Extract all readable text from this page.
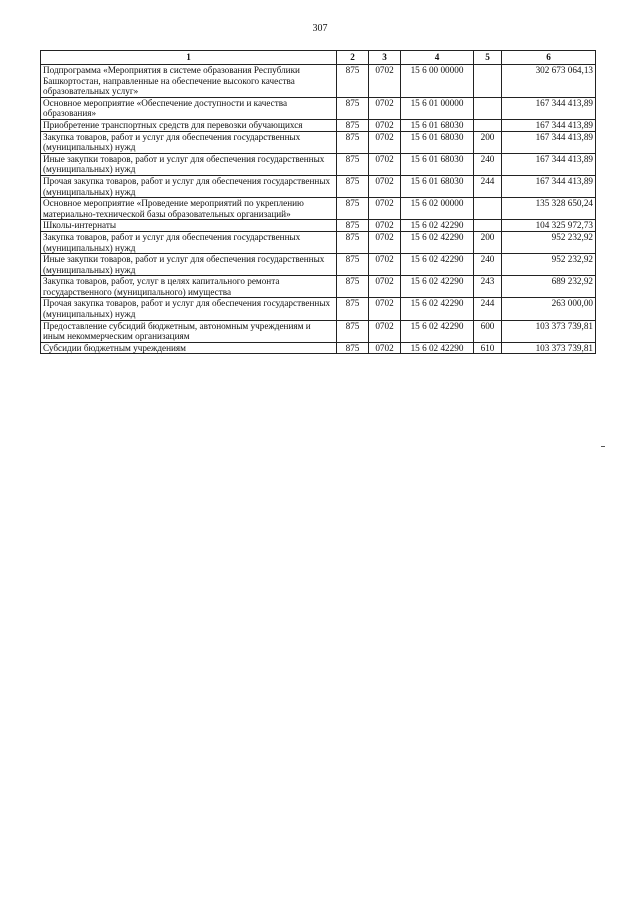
307
1	2	3	4	5	6
Подпрограмма «Мероприятия в системе образования Республики Башкортостан, направленные на обеспечение высокого качества образовательных услуг»	875	0702	15 6 00 00000		302 673 064,13
Основное мероприятие «Обеспечение доступности и качества образования»	875	0702	15 6 01 00000		167 344 413,89
Приобретение транспортных средств для перевозки обучающихся	875	0702	15 6 01 68030		167 344 413,89
Закупка товаров, работ и услуг для обеспечения государственных (муниципальных) нужд	875	0702	15 6 01 68030	200	167 344 413,89
Иные закупки товаров, работ и услуг для обеспечения государственных (муниципальных) нужд	875	0702	15 6 01 68030	240	167 344 413,89
Прочая закупка товаров, работ и услуг для обеспечения государственных (муниципальных) нужд	875	0702	15 6 01 68030	244	167 344 413,89
Основное мероприятие «Проведение мероприятий по укреплению материально-технической базы образовательных организаций»	875	0702	15 6 02 00000		135 328 650,24
Школы-интернаты	875	0702	15 6 02 42290		104 325 972,73
Закупка товаров, работ и услуг для обеспечения государственных (муниципальных) нужд	875	0702	15 6 02 42290	200	952 232,92
Иные закупки товаров, работ и услуг для обеспечения государственных (муниципальных) нужд	875	0702	15 6 02 42290	240	952 232,92
Закупка товаров, работ, услуг в целях капитального ремонта государственного (муниципального) имущества	875	0702	15 6 02 42290	243	689 232,92
Прочая закупка товаров, работ и услуг для обеспечения государственных (муниципальных) нужд	875	0702	15 6 02 42290	244	263 000,00
Предоставление субсидий бюджетным, автономным учреждениям и иным некоммерческим организациям	875	0702	15 6 02 42290	600	103 373 739,81
Субсидии бюджетным учреждениям	875	0702	15 6 02 42290	610	103 373 739,81
